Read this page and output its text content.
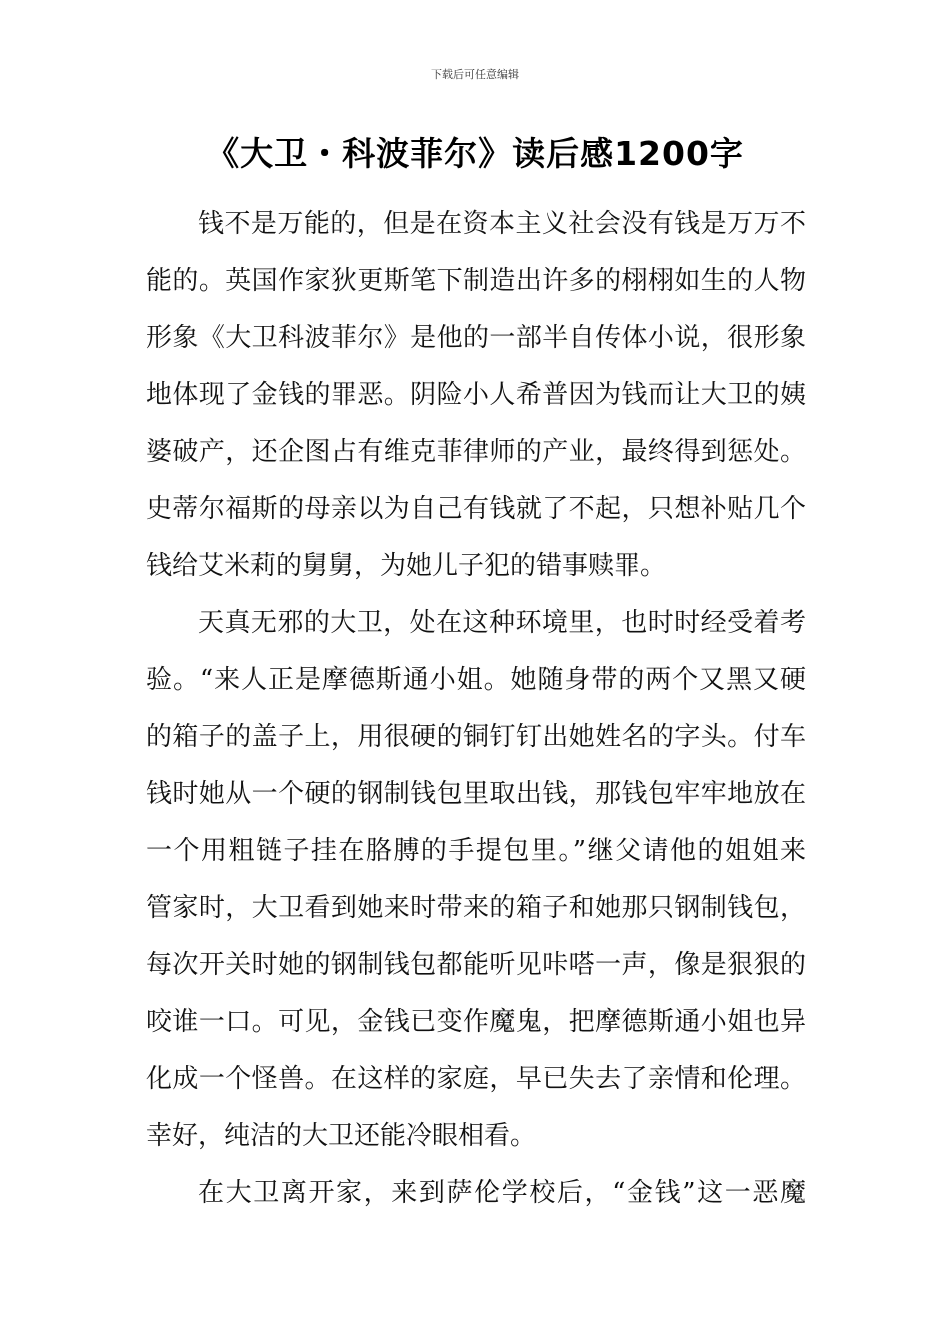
下载后可任意编辑
《大卫・科波菲尔》读后感1200字
钱不是万能的，但是在资本主义社会没有钱是万万不
能的。英国作家狄更斯笔下制造出许多的栩栩如生的人物
形象《大卫科波菲尔》是他的一部半自传体小说，很形象
地体现了金钱的罪恶。阴险小人希普因为钱而让大卫的姨
婆破产，还企图占有维克菲律师的产业，最终得到惩处。
史蒂尔福斯的母亲以为自己有钱就了不起，只想补贴几个
钱给艾米莉的舅舅，为她儿子犯的错事赎罪。
天真无邪的大卫，处在这种环境里，也时时经受着考
验。“来人正是摩德斯通小姐。她随身带的两个又黑又硬
的箱子的盖子上，用很硬的铜钉钉出她姓名的字头。付车
钱时她从一个硬的钢制钱包里取出钱，那钱包牢牢地放在
一个用粗链子挂在胳膊的手提包里。”继父请他的姐姐来
管家时，大卫看到她来时带来的箱子和她那只钢制钱包，
每次开关时她的钢制钱包都能听见咔嗒一声，像是狠狠的
咬谁一口。可见，金钱已变作魔鬼，把摩德斯通小姐也异
化成一个怪兽。在这样的家庭，早已失去了亲情和伦理。
幸好，纯洁的大卫还能冷眼相看。
在大卫离开家，来到萨伦学校后，“金钱”这一恶魔
